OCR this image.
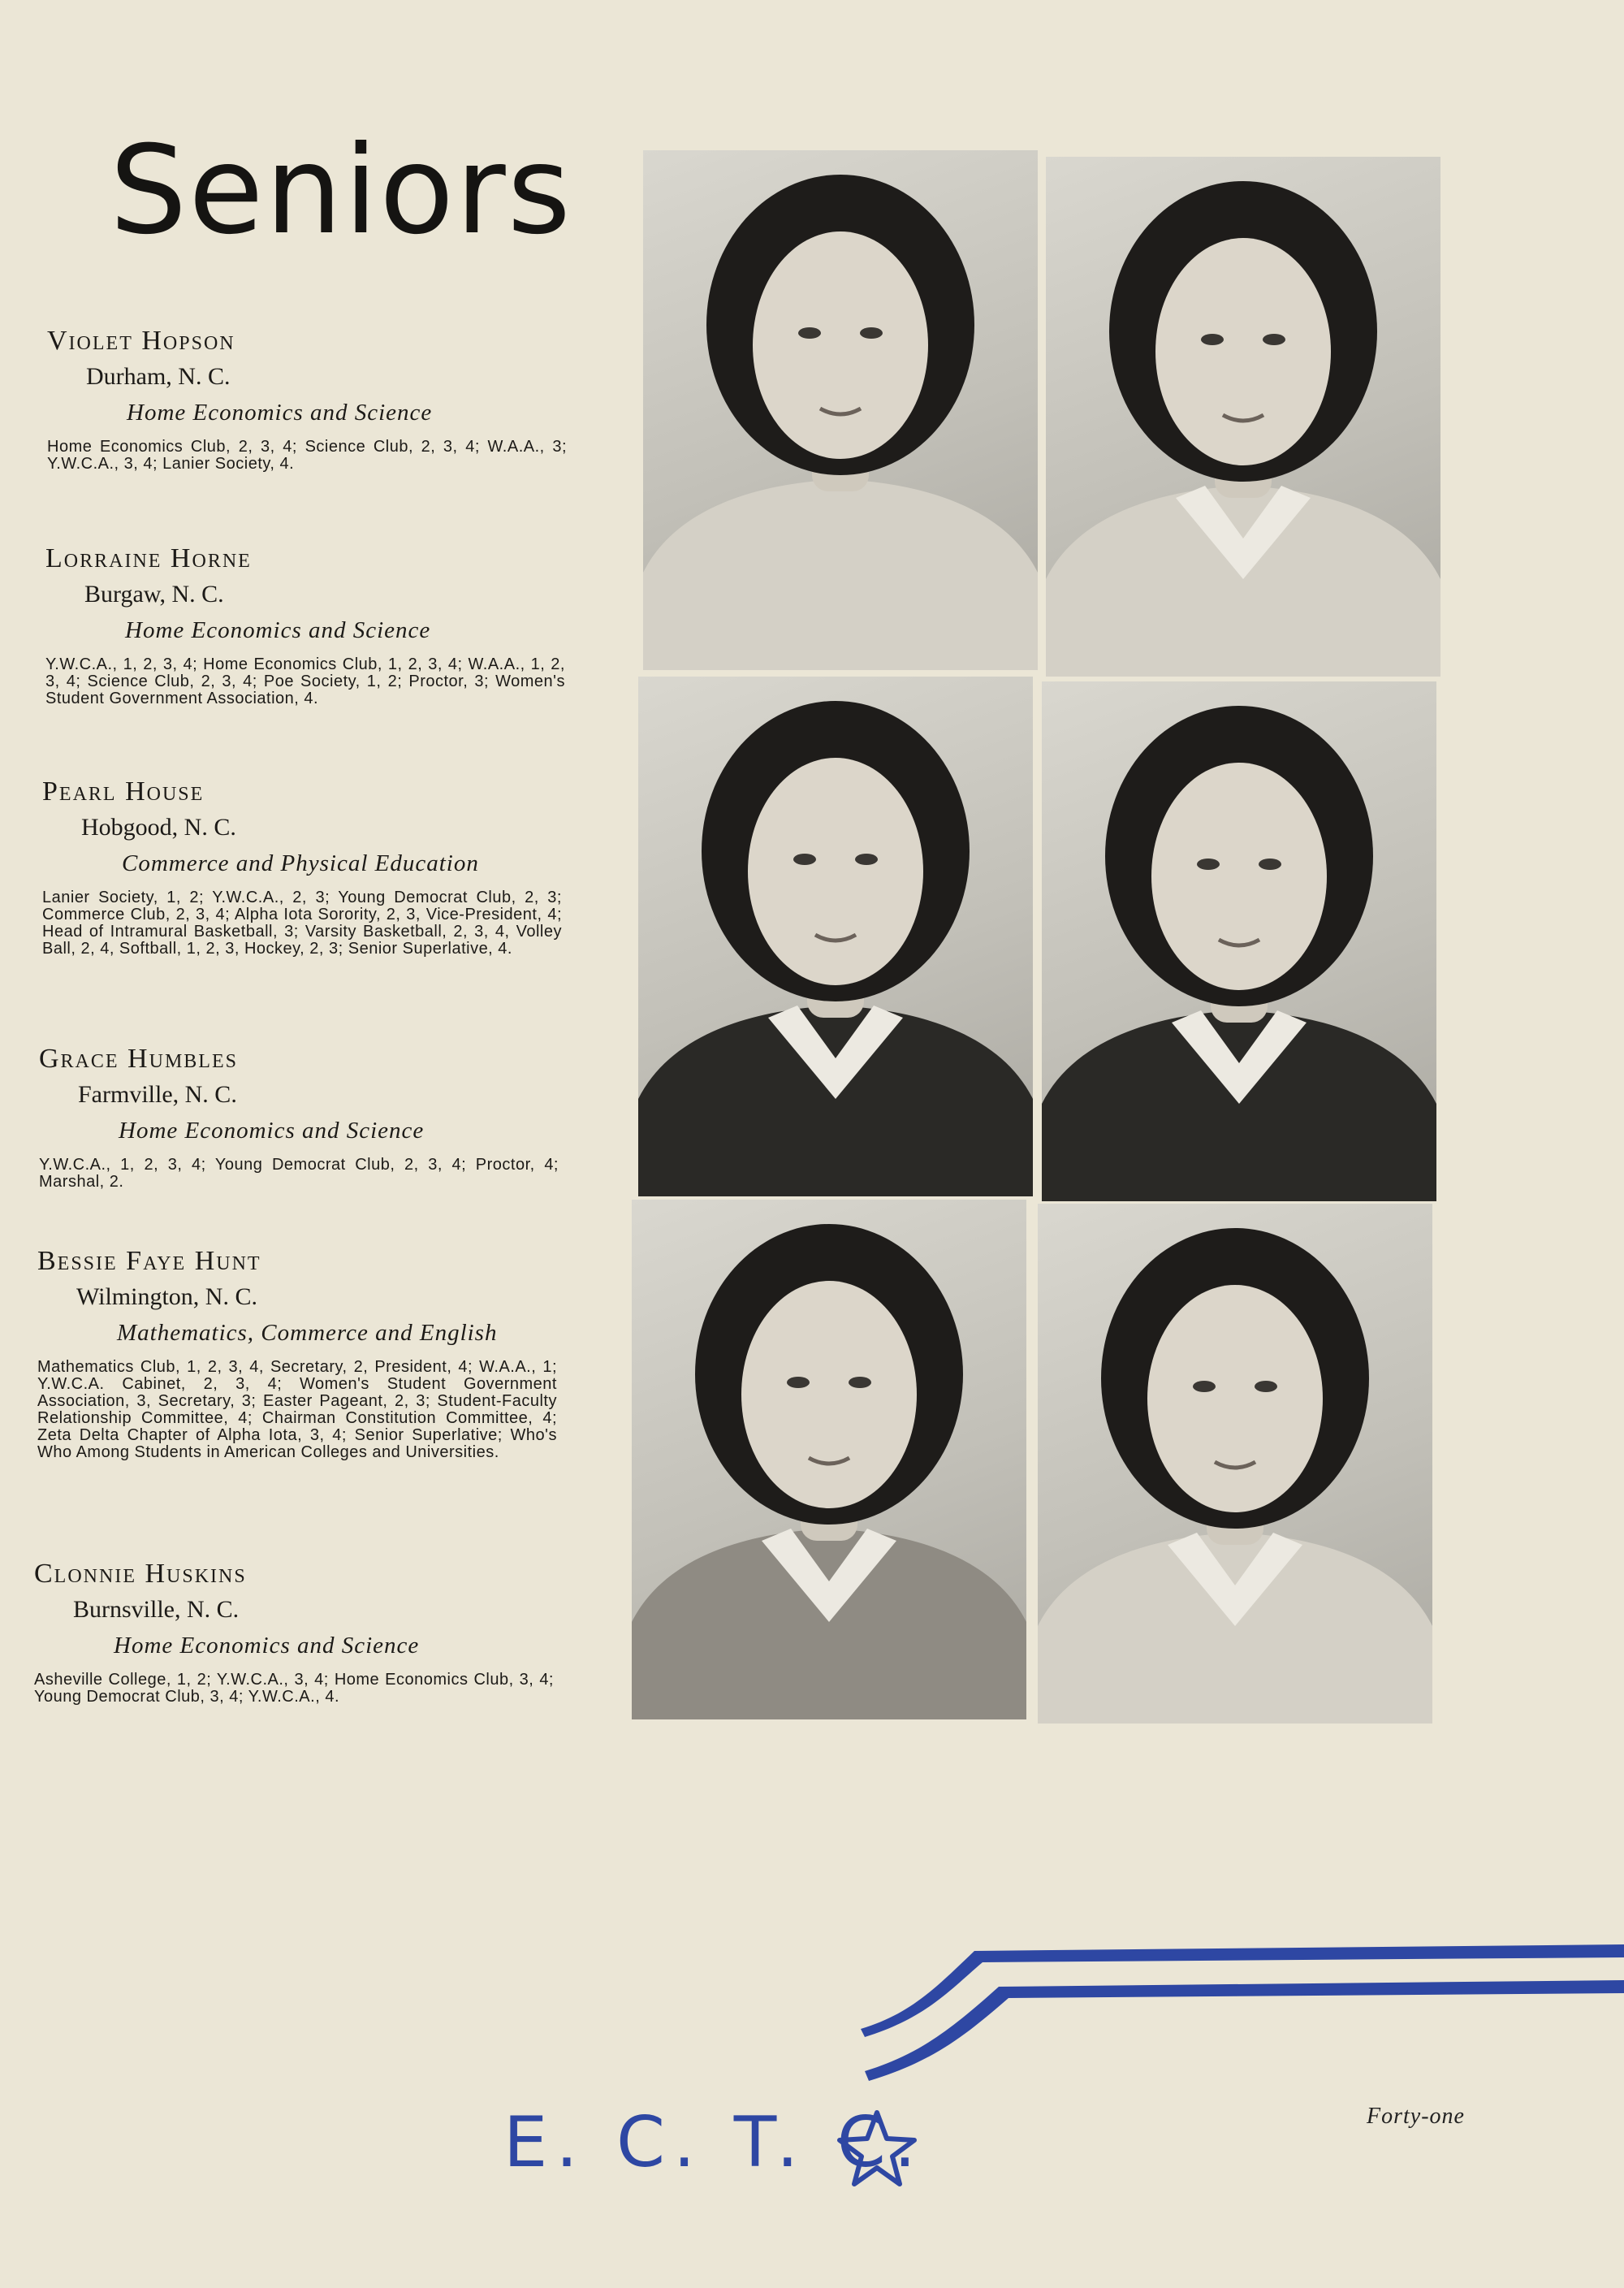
Seniors
Violet Hopson
Durham, N. C.
Home Economics and Science
Home Economics Club, 2, 3, 4; Science Club, 2, 3, 4; W.A.A., 3; Y.W.C.A., 3, 4; Lanier Society, 4.
Lorraine Horne
Burgaw, N. C.
Home Economics and Science
Y.W.C.A., 1, 2, 3, 4; Home Economics Club, 1, 2, 3, 4; W.A.A., 1, 2, 3, 4; Science Club, 2, 3, 4; Poe Society, 1, 2; Proctor, 3; Women's Student Government Association, 4.
Pearl House
Hobgood, N. C.
Commerce and Physical Education
Lanier Society, 1, 2; Y.W.C.A., 2, 3; Young Democrat Club, 2, 3; Commerce Club, 2, 3, 4; Alpha Iota Sorority, 2, 3, Vice-President, 4; Head of Intramural Basketball, 3; Varsity Basketball, 2, 3, 4, Volley Ball, 2, 4, Softball, 1, 2, 3, Hockey, 2, 3; Senior Superlative, 4.
Grace Humbles
Farmville, N. C.
Home Economics and Science
Y.W.C.A., 1, 2, 3, 4; Young Democrat Club, 2, 3, 4; Proctor, 4; Marshal, 2.
Bessie Faye Hunt
Wilmington, N. C.
Mathematics, Commerce and English
Mathematics Club, 1, 2, 3, 4, Secretary, 2, President, 4; W.A.A., 1; Y.W.C.A. Cabinet, 2, 3, 4; Women's Student Government Association, 3, Secretary, 3; Easter Pageant, 2, 3; Student-Faculty Relationship Committee, 4; Chairman Constitution Committee, 4; Zeta Delta Chapter of Alpha Iota, 3, 4; Senior Superlative; Who's Who Among Students in American Colleges and Universities.
Clonnie Huskins
Burnsville, N. C.
Home Economics and Science
Asheville College, 1, 2; Y.W.C.A., 3, 4; Home Economics Club, 3, 4; Young Democrat Club, 3, 4; Y.W.C.A., 4.
E. C. T. C.	Forty-one
